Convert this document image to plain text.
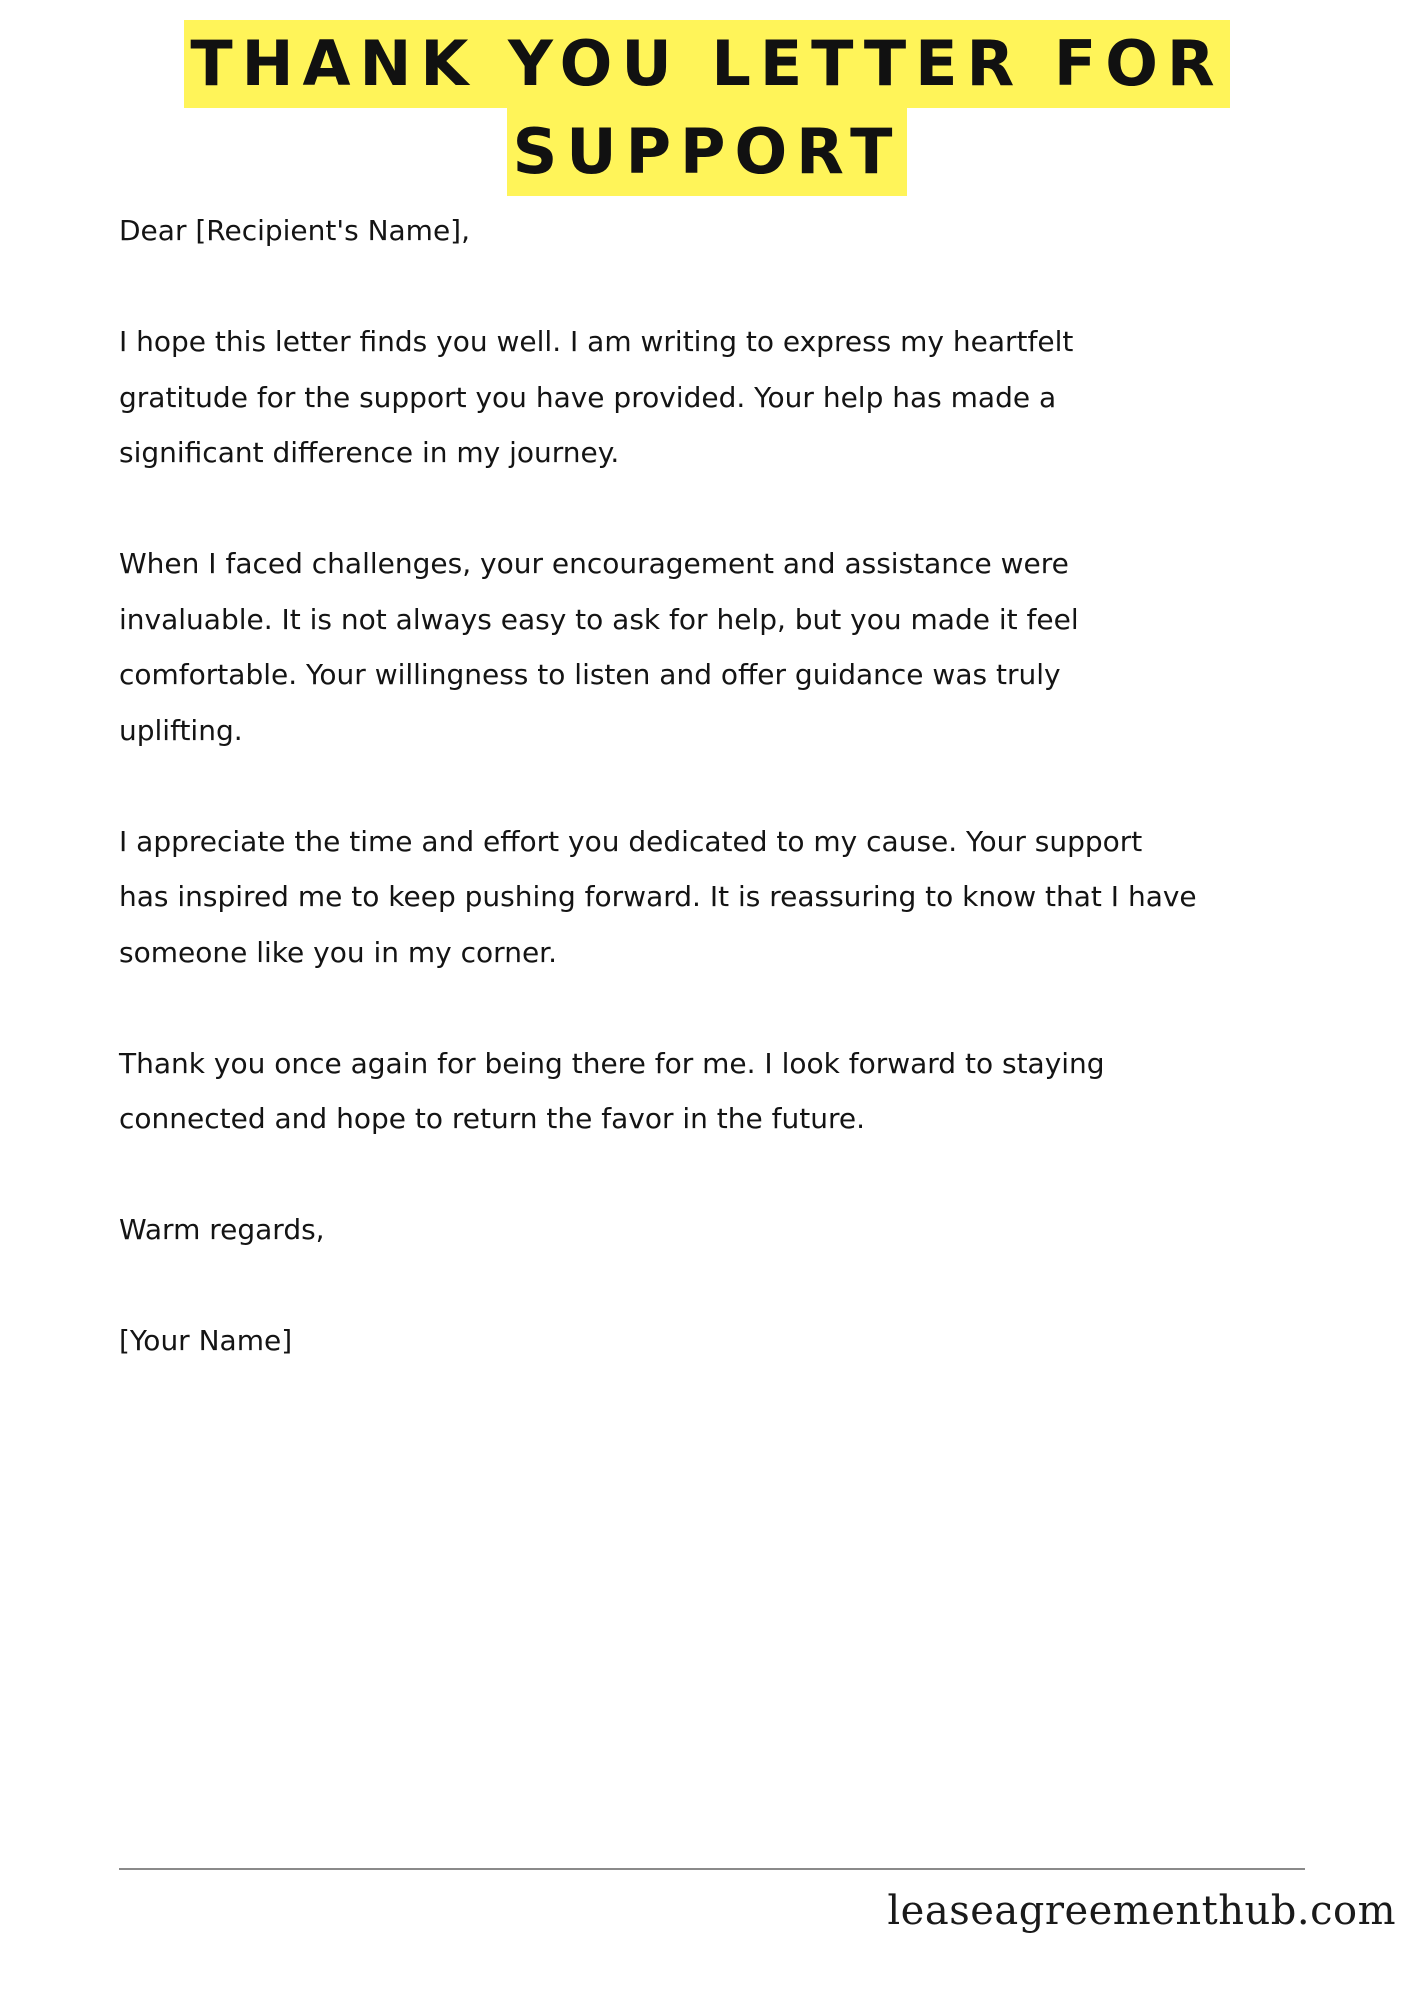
THANK YOU LETTER FOR
SUPPORT

Dear [Recipient's Name],

I hope this letter finds you well. I am writing to express my heartfelt
gratitude for the support you have provided. Your help has made a
significant difference in my journey.

When I faced challenges, your encouragement and assistance were
invaluable. It is not always easy to ask for help, but you made it feel
comfortable. Your willingness to listen and offer guidance was truly
uplifting.

I appreciate the time and effort you dedicated to my cause. Your support
has inspired me to keep pushing forward. It is reassuring to know that I have
someone like you in my corner.

Thank you once again for being there for me. I look forward to staying
connected and hope to return the favor in the future.

Warm regards,

[Your Name]

leaseagreementhub.com
